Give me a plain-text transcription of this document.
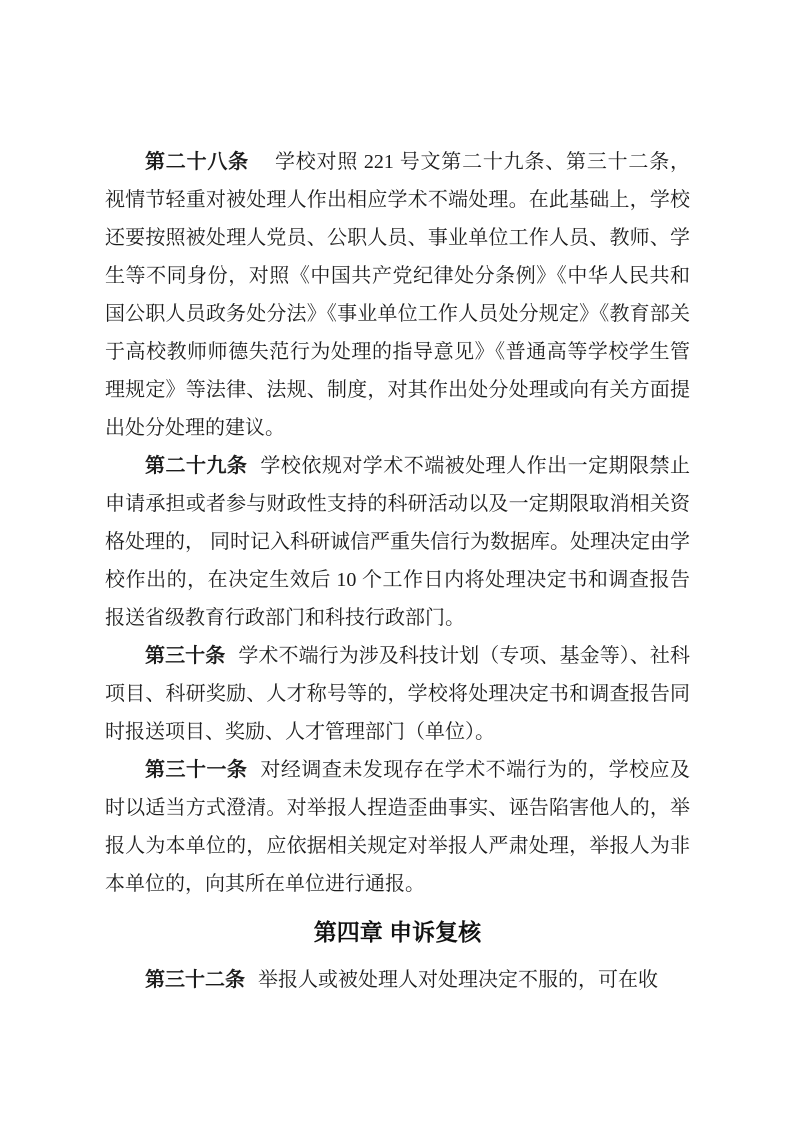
第二十八条 学校对照 221 号文第二十九条、第三十二条，视情节轻重对被处理人作出相应学术不端处理。在此基础上，学校还要按照被处理人党员、公职人员、事业单位工作人员、教师、学生等不同身份，对照《中国共产党纪律处分条例》《中华人民共和国公职人员政务处分法》《事业单位工作人员处分规定》《教育部关于高校教师师德失范行为处理的指导意见》《普通高等学校学生管理规定》等法律、法规、制度，对其作出处分处理或向有关方面提出处分处理的建议。

第二十九条 学校依规对学术不端被处理人作出一定期限禁止申请承担或者参与财政性支持的科研活动以及一定期限取消相关资格处理的， 同时记入科研诚信严重失信行为数据库。处理决定由学校作出的，在决定生效后 10 个工作日内将处理决定书和调查报告报送省级教育行政部门和科技行政部门。

第三十条 学术不端行为涉及科技计划（专项、基金等）、社科项目、科研奖励、人才称号等的，学校将处理决定书和调查报告同时报送项目、奖励、人才管理部门（单位）。

第三十一条 对经调查未发现存在学术不端行为的，学校应及时以适当方式澄清。对举报人捏造歪曲事实、诬告陷害他人的，举报人为本单位的，应依据相关规定对举报人严肃处理，举报人为非本单位的，向其所在单位进行通报。

第四章 申诉复核

第三十二条 举报人或被处理人对处理决定不服的，可在收
